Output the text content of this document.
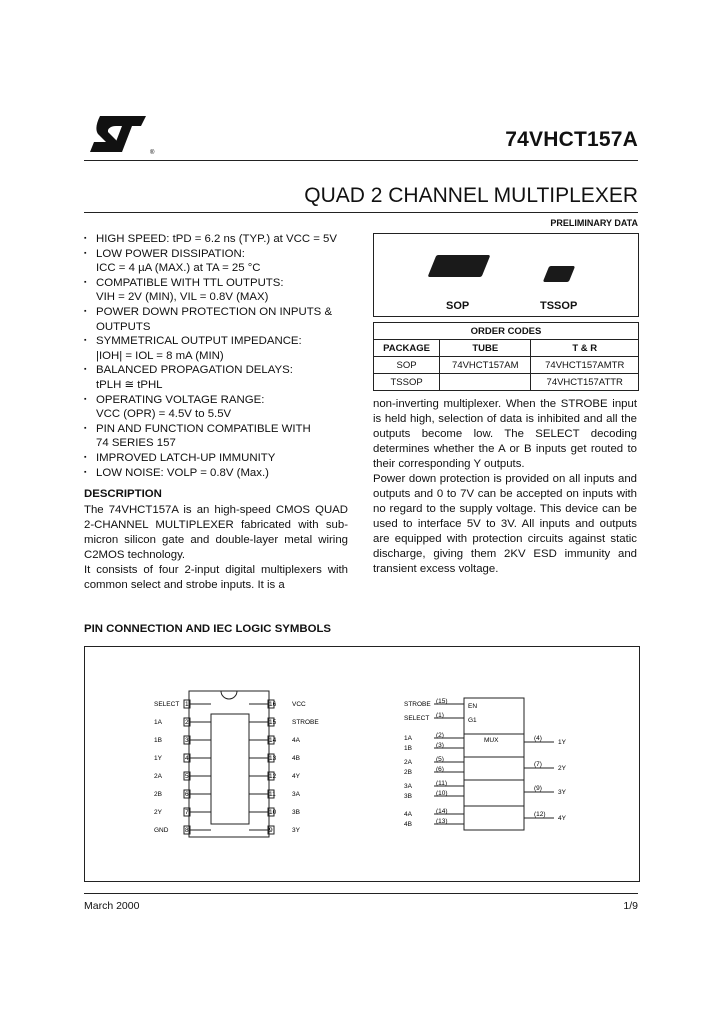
®
74VHCT157A
QUAD 2 CHANNEL MULTIPLEXER
PRELIMINARY DATA
▪ HIGH SPEED: tPD = 6.2 ns (TYP.) at VCC = 5V
▪ LOW POWER DISSIPATION:
ICC = 4 µA (MAX.) at TA = 25 °C
▪ COMPATIBLE WITH TTL OUTPUTS:
VIH = 2V (MIN), VIL = 0.8V (MAX)
▪ POWER DOWN PROTECTION ON INPUTS &
OUTPUTS
▪ SYMMETRICAL OUTPUT IMPEDANCE:
|IOH| = IOL = 8 mA (MIN)
▪ BALANCED PROPAGATION DELAYS:
tPLH ≅ tPHL
▪ OPERATING VOLTAGE RANGE:
VCC (OPR) = 4.5V to 5.5V
▪ PIN AND FUNCTION COMPATIBLE WITH
74 SERIES 157
▪ IMPROVED LATCH-UP IMMUNITY
▪ LOW NOISE: VOLP = 0.8V (Max.)
DESCRIPTION
The 74VHCT157A is an high-speed CMOS QUAD 2-CHANNEL MULTIPLEXER fabricated with sub-micron silicon gate and double-layer metal wiring C2MOS technology.
It consists of four 2-input digital multiplexers with common select and strobe inputs. It is a
SOP	TSSOP
ORDER CODES		
PACKAGE	TUBE	T & R
SOP	74VHCT157AM	74VHCT157AMTR
TSSOP		74VHCT157ATTR
non-inverting multiplexer. When the STROBE input is held high, selection of data is inhibited and all the outputs become low. The SELECT decoding determines whether the A or B inputs get routed to their corresponding Y outputs.
Power down protection is provided on all inputs and outputs and 0 to 7V can be accepted on inputs with no regard to the supply voltage. This device can be used to interface 5V to 3V. All inputs and outputs are equipped with protection circuits against static discharge, giving them 2KV ESD immunity and transient excess voltage.
PIN CONNECTION AND IEC LOGIC SYMBOLS
SELECT	VCC
1	16
1A	STROBE
2	15
1B	4A
3	14
1Y	4B
4	13
2A	4Y
5	12
2B	3A
6	11
2Y	3B
7	10
GND	3Y
8	9
EN
G1
MUX
STROBE (15)
SELECT (1)
1A	(2)
1B	(3)
2A	(5)
2B	(6)
3A	(11)
3B	(10)
4A	(14)
4B	(13)
(4)
1Y
(7)
2Y
(9)
3Y
(12)
4Y
March 2000	1/9
